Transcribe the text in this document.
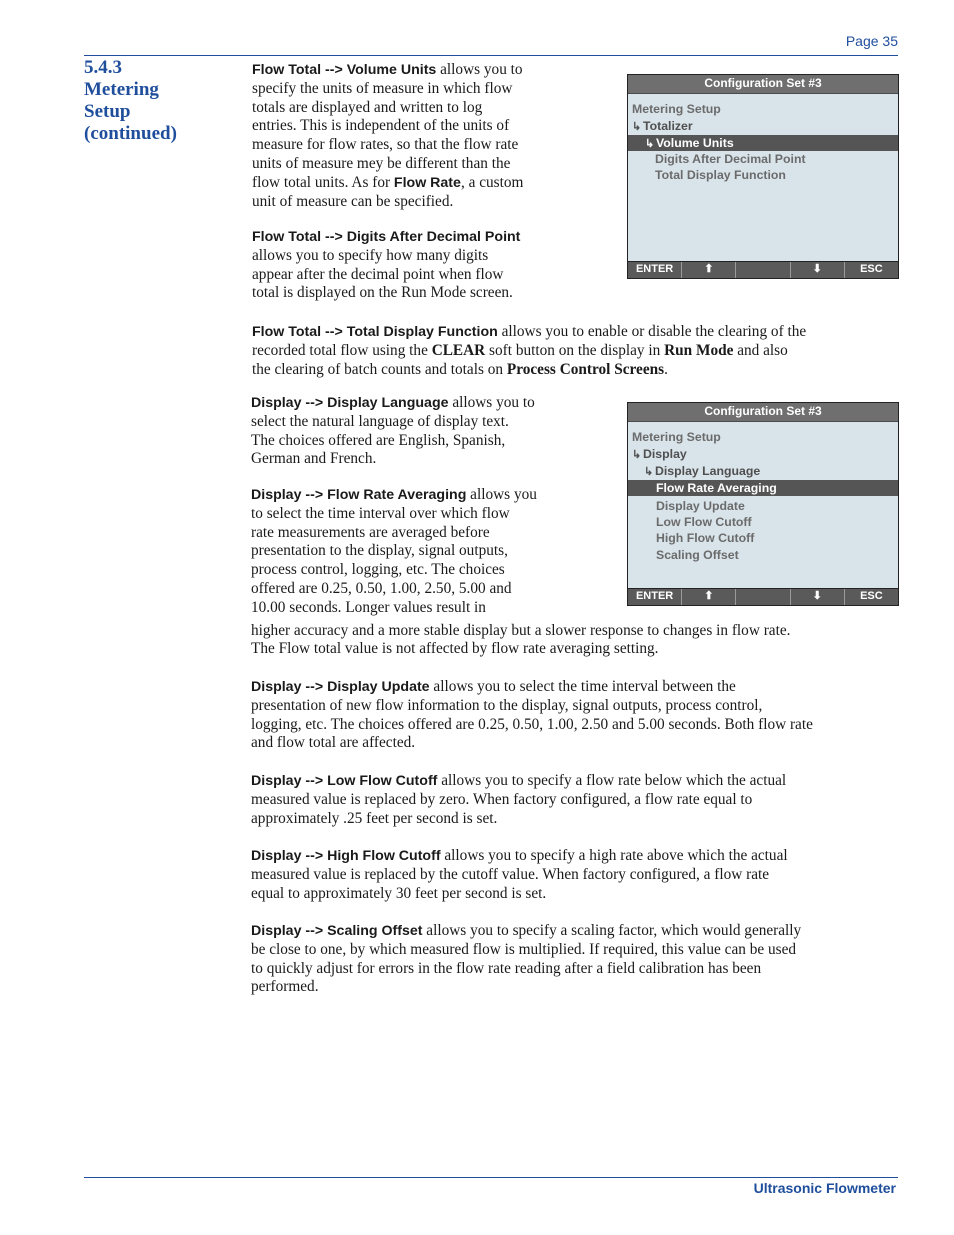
Page 35
5.4.3
Metering
Setup
(continued)
Flow Total --> Volume Units allows you to
specify the units of measure in which flow
totals are displayed and written to log
entries. This is independent of the units of
measure for flow rates, so that the flow rate
units of measure mey be different than the
flow total units. As for Flow Rate, a custom
unit of measure can be specified.
Flow Total --> Digits After Decimal Point
allows you to specify how many digits
appear after the decimal point when flow
total is displayed on the Run Mode screen.
Configuration Set #3
Metering Setup
↳ Totalizer
↳ Volume Units
Digits After Decimal Point
Total Display Function
ENTER	⬆	⬇	ESC
Flow Total --> Total Display Function allows you to enable or disable the clearing of the
recorded total flow using the CLEAR soft button on the display in Run Mode and also
the clearing of batch counts and totals on Process Control Screens.
Display --> Display Language allows you to
select the natural language of display text.
The choices offered are English, Spanish,
German and French.
Display --> Flow Rate Averaging allows you
to select the time interval over which flow
rate measurements are averaged before
presentation to the display, signal outputs,
process control, logging, etc. The choices
offered are 0.25, 0.50, 1.00, 2.50, 5.00 and
10.00 seconds. Longer values result in
higher accuracy and a more stable display but a slower response to changes in flow rate.
The Flow total value is not affected by flow rate averaging setting.
Configuration Set #3
Metering Setup
↳ Display
↳ Display Language
Flow Rate Averaging
Display Update
Low Flow Cutoff
High Flow Cutoff
Scaling Offset
ENTER	⬆	⬇	ESC
Display --> Display Update allows you to select the time interval between the
presentation of new flow information to the display, signal outputs, process control,
logging, etc. The choices offered are 0.25, 0.50, 1.00, 2.50 and 5.00 seconds. Both flow rate
and flow total are affected.
Display --> Low Flow Cutoff allows you to specify a flow rate below which the actual
measured value is replaced by zero. When factory configured, a flow rate equal to
approximately .25 feet per second is set.
Display --> High Flow Cutoff allows you to specify a high rate above which the actual
measured value is replaced by the cutoff value. When factory configured, a flow rate
equal to approximately 30 feet per second is set.
Display --> Scaling Offset allows you to specify a scaling factor, which would generally
be close to one, by which measured flow is multiplied. If required, this value can be used
to quickly adjust for errors in the flow rate reading after a field calibration has been
performed.
Ultrasonic Flowmeter
